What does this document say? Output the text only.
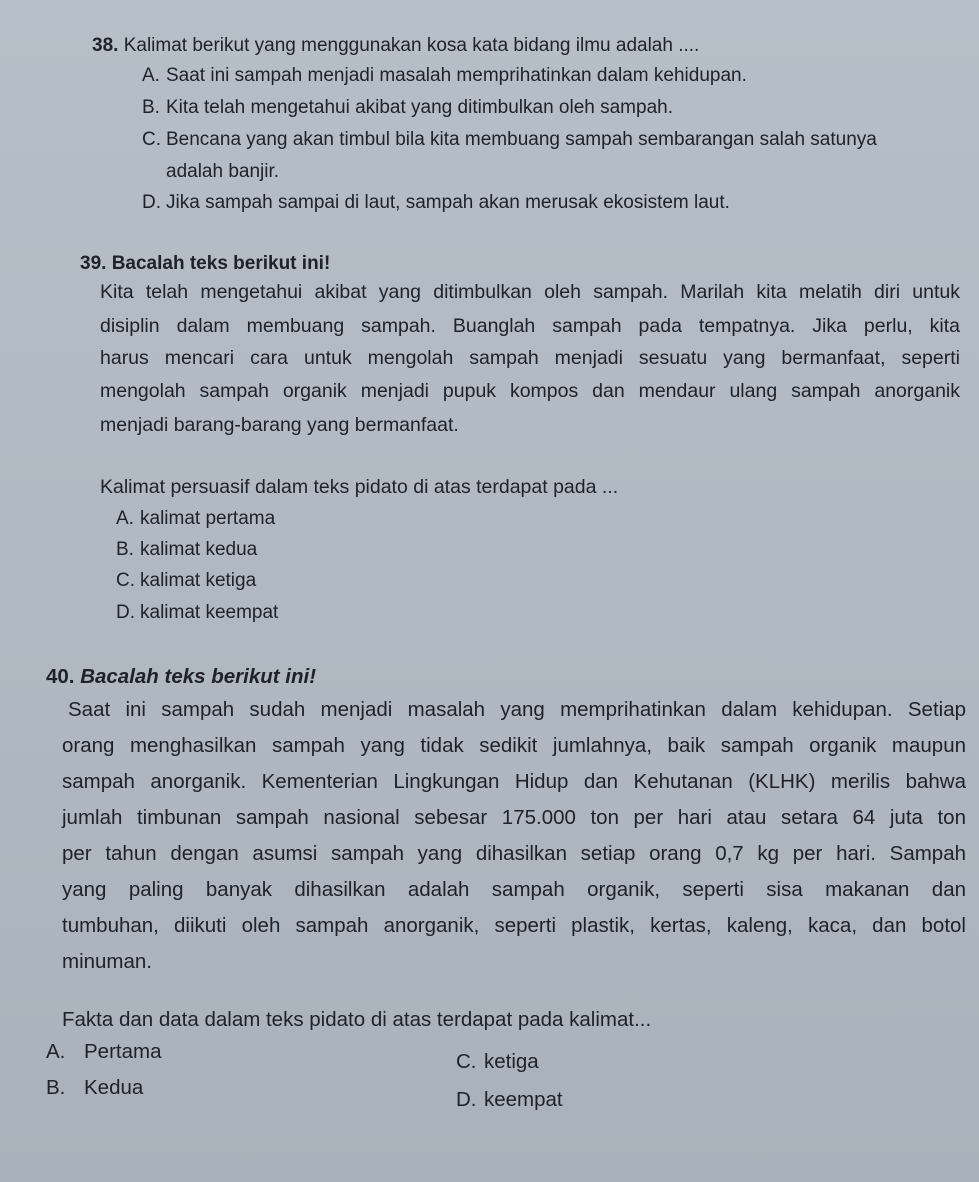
38. Kalimat berikut yang menggunakan kosa kata bidang ilmu adalah ....
A. Saat ini sampah menjadi masalah memprihatinkan dalam kehidupan.
B. Kita telah mengetahui akibat yang ditimbulkan oleh sampah.
C. Bencana yang akan timbul bila kita membuang sampah sembarangan salah satunya
adalah banjir.
D. Jika sampah sampai di laut, sampah akan merusak ekosistem laut.
39. Bacalah teks berikut ini!
Kita telah mengetahui akibat yang ditimbulkan oleh sampah. Marilah kita melatih diri untuk
disiplin dalam membuang sampah. Buanglah sampah pada tempatnya. Jika perlu, kita
harus mencari cara untuk mengolah sampah menjadi sesuatu yang bermanfaat, seperti
mengolah sampah organik menjadi pupuk kompos dan mendaur ulang sampah anorganik
menjadi barang-barang yang bermanfaat.
Kalimat persuasif dalam teks pidato di atas terdapat pada ...
A. kalimat pertama
B. kalimat kedua
C. kalimat ketiga
D. kalimat keempat
40. Bacalah teks berikut ini!
Saat ini sampah sudah menjadi masalah yang memprihatinkan dalam kehidupan. Setiap
orang menghasilkan sampah yang tidak sedikit jumlahnya, baik sampah organik maupun
sampah anorganik. Kementerian Lingkungan Hidup dan Kehutanan (KLHK) merilis bahwa
jumlah timbunan sampah nasional sebesar 175.000 ton per hari atau setara 64 juta ton
per tahun dengan asumsi sampah yang dihasilkan setiap orang 0,7 kg per hari. Sampah
yang paling banyak dihasilkan adalah sampah organik, seperti sisa makanan dan
tumbuhan, diikuti oleh sampah anorganik, seperti plastik, kertas, kaleng, kaca, dan botol
minuman.
Fakta dan data dalam teks pidato di atas terdapat pada kalimat...
A. Pertama	C. ketiga
B. Kedua
D. keempat
